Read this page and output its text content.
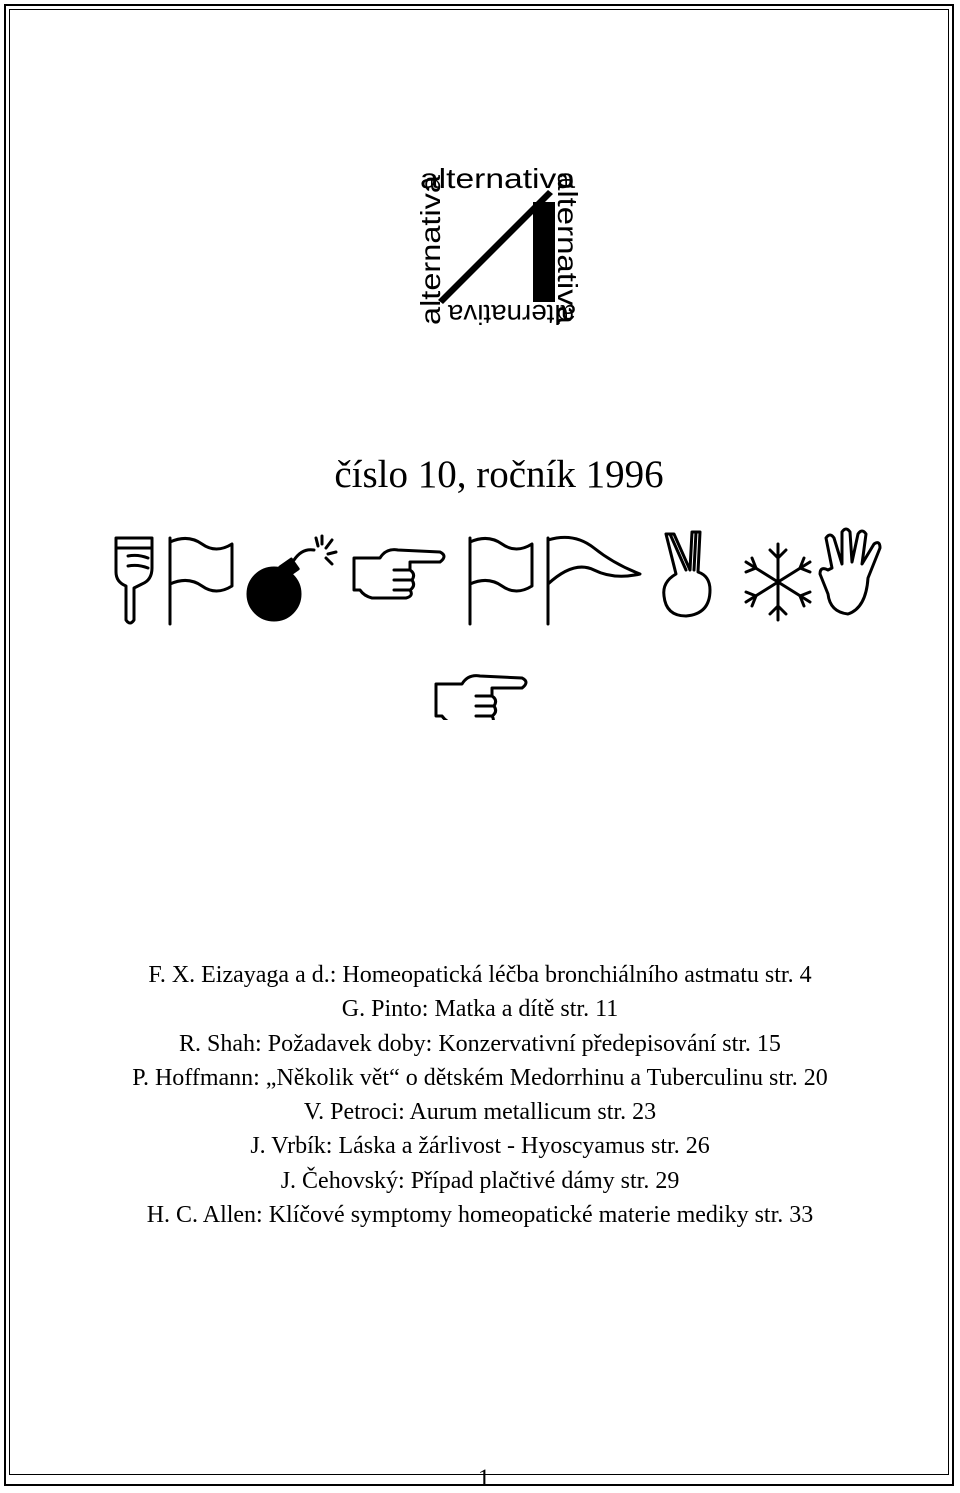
alternativa
alternativa	alternativa
alternativa
číslo 10, ročník 1996
F. X. Eizayaga a d.: Homeopatická léčba bronchiálního astmatu str. 4
G. Pinto: Matka a dítě str. 11
R. Shah: Požadavek doby: Konzervativní předepisování str. 15
P. Hoffmann: „Několik vět“ o dětském Medorrhinu a Tuberculinu str. 20
V. Petroci: Aurum metallicum str. 23
J. Vrbík: Láska a žárlivost - Hyoscyamus str. 26
J. Čehovský: Případ plačtivé dámy str. 29
H. C. Allen: Klíčové symptomy homeopatické materie mediky str. 33
1
